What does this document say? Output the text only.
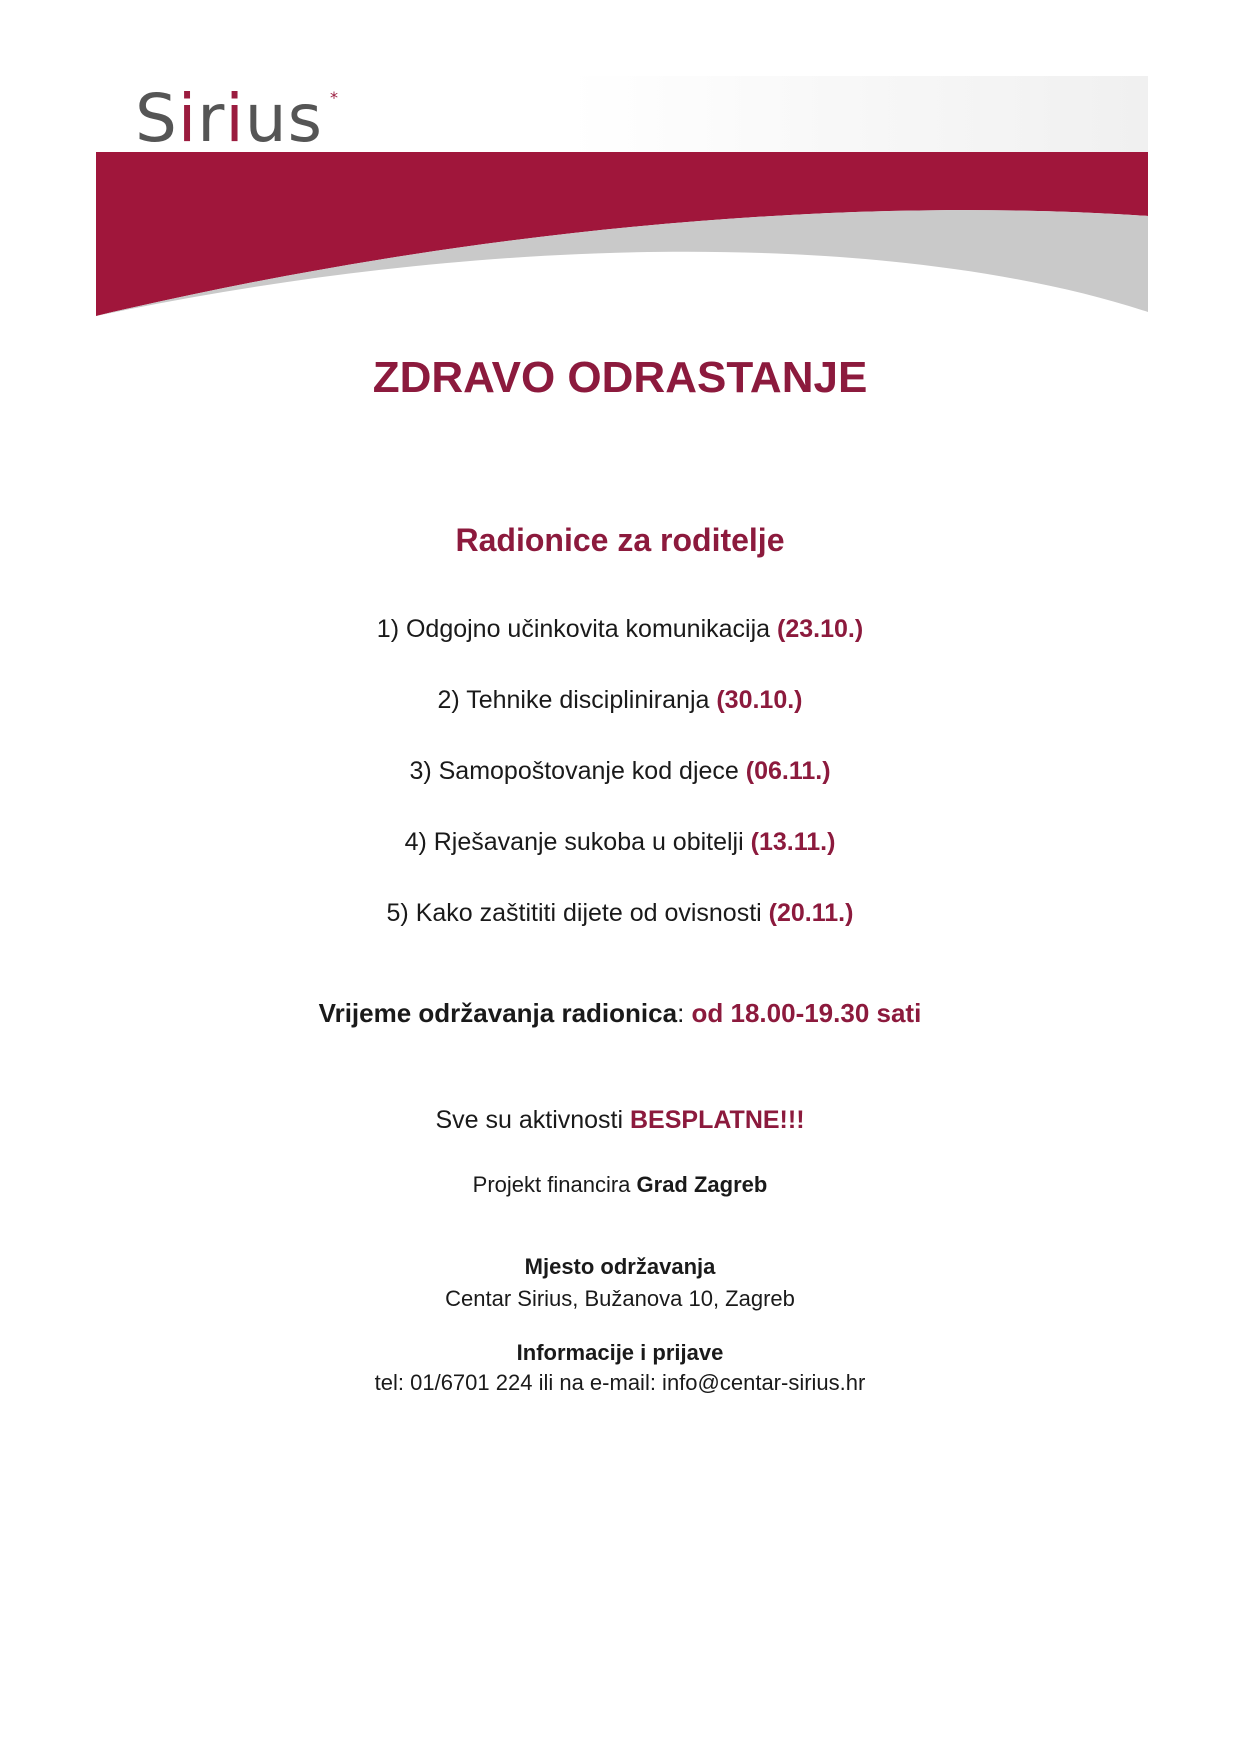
Sirius *
ZDRAVO ODRASTANJE
Radionice za roditelje
1) Odgojno učinkovita komunikacija (23.10.)
2) Tehnike discipliniranja (30.10.)
3) Samopoštovanje kod djece (06.11.)
4) Rješavanje sukoba u obitelji (13.11.)
5) Kako zaštititi dijete od ovisnosti (20.11.)
Vrijeme održavanja radionica: od 18.00-19.30 sati
Sve su aktivnosti BESPLATNE!!!
Projekt financira Grad Zagreb
Mjesto održavanja
Centar Sirius, Bužanova 10, Zagreb
Informacije i prijave
tel: 01/6701 224 ili na e-mail: info@centar-sirius.hr
